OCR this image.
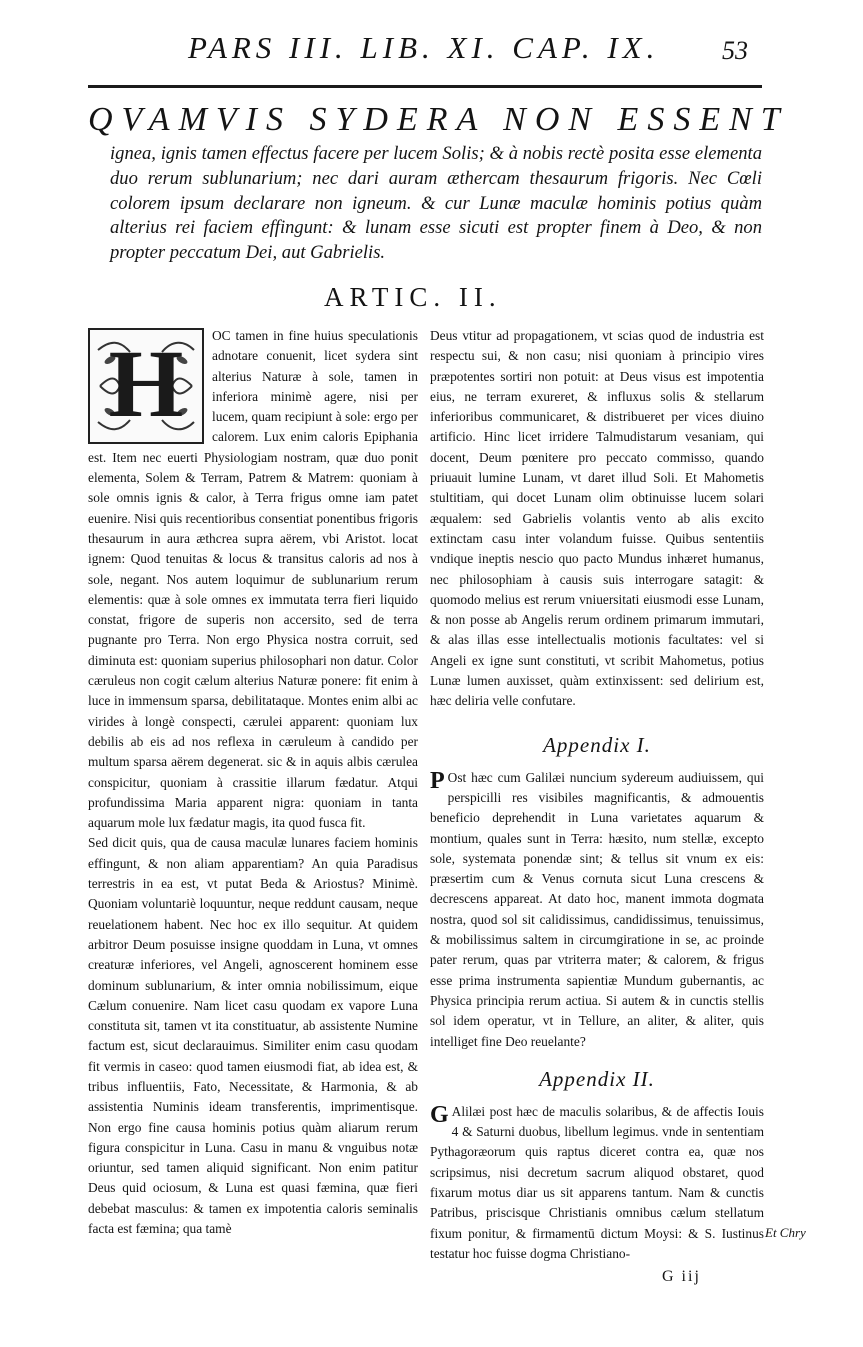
PARS III. LIB. XI. CAP. IX.	53
QVAMVIS SYDERA NON ESSENT
ignea, ignis tamen effectus facere per lucem Solis; & à nobis rectè posita esse elementa duo rerum sublunarium; nec dari auram æthercam thesaurum frigoris. Nec Cœli colorem ipsum declarare non igneum. & cur Lunæ maculæ hominis potius quàm alterius rei faciem effingunt: & lunam esse sicuti est propter finem à Deo, & non propter peccatum Dei, aut Gabrielis.
ARTIC. II.
H	OC tamen in fine huius speculationis adnotare conuenit, licet sydera sint alterius Naturæ à sole, tamen in inferiora minimè agere, nisi per lucem, quam recipiunt à sole: ergo per calorem. Lux enim caloris Epiphania est. Item nec euerti Physiologiam nostram, quæ duo ponit elementa, Solem & Terram, Patrem & Matrem: quoniam à sole omnis ignis & calor, à Terra frigus omne iam patet euenire. Nisi quis recentioribus consentiat ponentibus frigoris thesaurum in aura æthcrea supra aërem, vbi Aristot. locat ignem: Quod tenuitas & locus & transitus caloris ad nos à sole, negant. Nos autem loquimur de sublunarium rerum elementis: quæ à sole omnes ex immutata terra fieri liquido constat, frigore de superis non accersito, sed de terra pugnante pro Terra. Non ergo Physica nostra corruit, sed diminuta est: quoniam superius philosophari non datur. Color cæruleus non cogit cælum alterius Naturæ ponere: fit enim à luce in immensum sparsa, debilitataque. Montes enim albi ac virides à longè conspecti, cærulei apparent: quoniam lux debilis ab eis ad nos reflexa in cæruleum à candido per multum sparsa aërem degenerat. sic & in aquis albis cærulea conspicitur, quoniam à crassitie illarum fædatur. Atqui profundissima Maria apparent nigra: quoniam in tanta aquarum mole lux fædatur magis, ita quod fusca fit.

Sed dicit quis, qua de causa maculæ lunares faciem hominis effingunt, & non aliam apparentiam? An quia Paradisus terrestris in ea est, vt putat Beda & Ariostus? Minimè. Quoniam voluntariè loquuntur, neque reddunt causam, neque reuelationem habent. Nec hoc ex illo sequitur. At quidem arbitror Deum posuisse insigne quoddam in Luna, vt omnes creaturæ inferiores, vel Angeli, agnoscerent hominem esse dominum sublunarium, & inter omnia nobilissimum, eique Cælum conuenire. Nam licet casu quodam ex vapore Luna constituta sit, tamen vt ita constituatur, ab assistente Numine factum est, sicut declarauimus. Similiter enim casu quodam fit vermis in caseo: quod tamen eiusmodi fiat, ab idea est, & tribus influentiis, Fato, Necessitate, & Harmonia, & ab assistentia Numinis ideam transferentis, imprimentisque. Non ergo fine causa hominis potius quàm aliarum rerum figura conspicitur in Luna. Casu in manu & vnguibus notæ oriuntur, sed tamen aliquid significant. Non enim patitur Deus quid ociosum, & Luna est quasi fæmina, quæ fieri debebat masculus: & tamen ex impotentia caloris seminalis facta est fæmina; qua tamè

Deus vtitur ad propagationem, vt scias quod de industria est respectu sui, & non casu; nisi quoniam à principio vires præpotentes sortiri non potuit: at Deus visus est impotentia eius, ne terram exureret, & influxus solis & stellarum inferioribus communicaret, & distribueret per vices diuino artificio. Hinc licet irridere Talmudistarum vesaniam, qui docent, Deum pœnitere pro peccato commisso, quando priuauit lumine Lunam, vt daret illud Soli. Et Mahometis stultitiam, qui docet Lunam olim obtinuisse lucem solari æqualem: sed Gabrielis volantis vento ab alis excito extinctam casu inter volandum fuisse. Quibus sententiis vndique ineptis nescio quo pacto Mundus inhæret humanus, nec philosophiam à causis suis interrogare satagit: & quomodo melius est rerum vniuersitati eiusmodi esse Lunam, & non posse ab Angelis rerum ordinem primarum immutari, & alas illas esse intellectualis motionis facultates: vel si Angeli ex igne sunt constituti, vt scribit Mahometus, potius Lunæ lumen auxisset, quàm extinxissent: sed delirium est, hæc deliria velle confutare.

Appendix I.

P Ost hæc cum Galilæi nuncium sydereum audiuissem, qui perspicilli res visibiles magnificantis, & admouentis beneficio deprehendit in Luna varietates aquarum & montium, quales sunt in Terra: hæsito, num stellæ, excepto sole, systemata ponendæ sint; & tellus sit vnum ex eis: præsertim cum & Venus cornuta sicut Luna crescens & decrescens appareat. At dato hoc, manent immota dogmata nostra, quod sol sit calidissimus, candidissimus, tenuissimus, & mobilissimus saltem in circumgiratione in se, ac proinde pater rerum, quas par vtriterra mater; & calorem, & frigus esse prima instrumenta sapientiæ Mundum gubernantis, ac Physica principia rerum actiua. Si autem & in cunctis stellis sol idem operatur, vt in Tellure, an aliter, & aliter, quis intelliget fine Deo reuelante?

Appendix II.

G Alilæi post hæc de maculis solaribus, & de affectis Iouis 4 & Saturni duobus, libellum legimus. vnde in sententiam Pythagoræorum quis raptus diceret contra ea, quæ nos scripsimus, nisi decretum sacrum aliquod obstaret, quod fixarum motus diar us sit apparens tantum. Nam & cunctis Patribus, priscisque Christianis omnibus cælum stellatum fixum ponitur, & firmamentū dictum Moysi: & S. Iustinus testatur hoc fuisse dogma Christiano-

Et Chry
G iij
